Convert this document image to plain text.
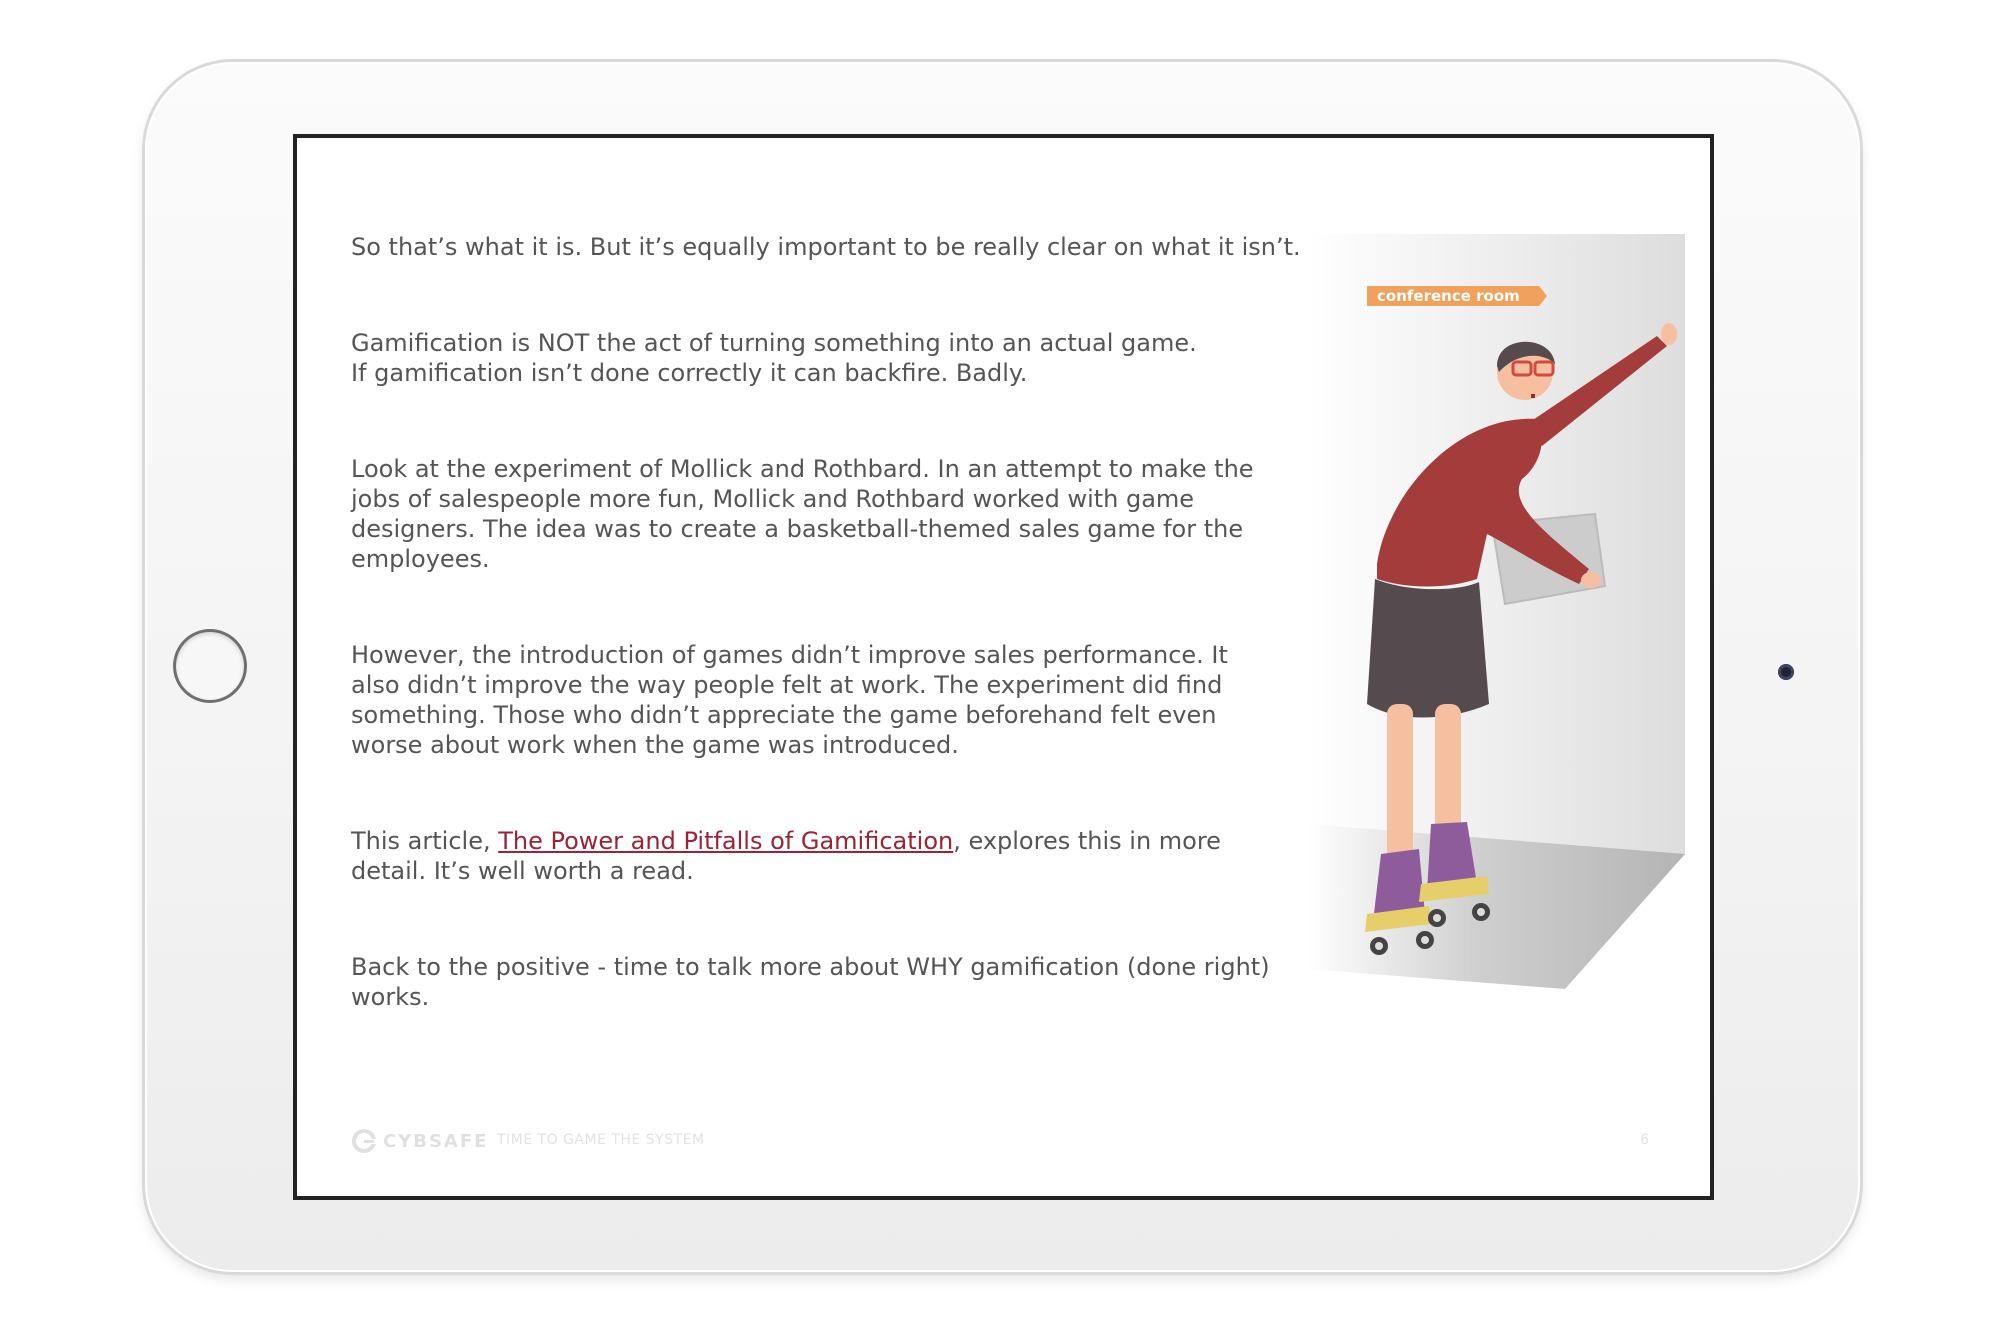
So that’s what it is. But it’s equally important to be really clear on what it isn’t.

Gamification is NOT the act of turning something into an actual game.
If gamification isn’t done correctly it can backfire. Badly.

Look at the experiment of Mollick and Rothbard. In an attempt to make the
jobs of salespeople more fun, Mollick and Rothbard worked with game
designers. The idea was to create a basketball-themed sales game for the
employees.

However, the introduction of games didn’t improve sales performance. It
also didn’t improve the way people felt at work. The experiment did find
something. Those who didn’t appreciate the game beforehand felt even
worse about work when the game was introduced.

This article, The Power and Pitfalls of Gamification, explores this in more
detail. It’s well worth a read.

Back to the positive - time to talk more about WHY gamification (done right)
works.

conference room
CYBSAFE TIME TO GAME THE SYSTEM	6
